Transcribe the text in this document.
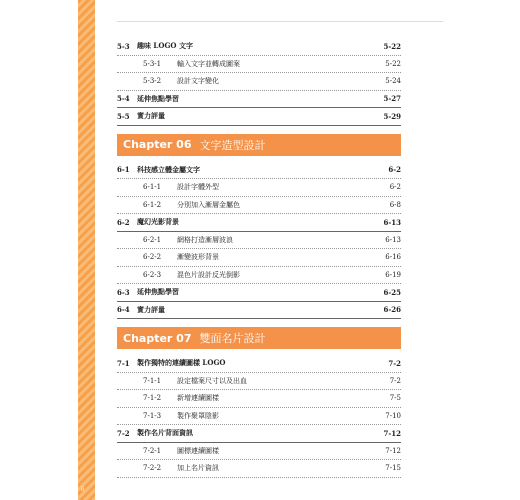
ii
5-3	趣味 LOGO 文字	5-22
5-3-1	輸入文字並轉成圖案	5-22
5-3-2	設計文字變化	5-24
5-4	延伸焦點學習	5-27
5-5	實力評量	5-29
Chapter 06 文字造型設計
6-1	科技感立體金屬文字	6-2
6-1-1	設計字體外型	6-2
6-1-2	分別加入漸層金屬色	6-8
6-2	魔幻光影背景	6-13
6-2-1	網格打造漸層波浪	6-13
6-2-2	漸變波形背景	6-16
6-2-3	混色片設計反光倒影	6-19
6-3	延伸焦點學習	6-25
6-4	實力評量	6-26
Chapter 07 雙面名片設計
7-1	製作獨特的連續圖樣 LOGO	7-2
7-1-1	設定檔案尺寸以及出血	7-2
7-1-2	新增連續圖樣	7-5
7-1-3	製作聚罩陰影	7-10
7-2	製作名片背面資訊	7-12
7-2-1	圖標連續圖樣	7-12
7-2-2	加上名片資訊	7-15
